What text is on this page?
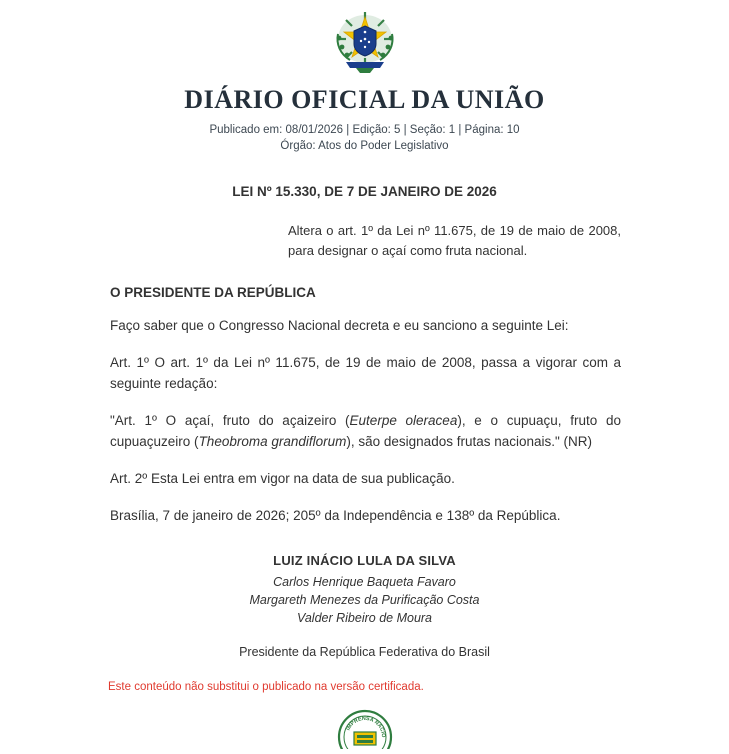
DIÁRIO OFICIAL DA UNIÃO
Publicado em: 08/01/2026 | Edição: 5 | Seção: 1 | Página: 10
Órgão: Atos do Poder Legislativo
LEI Nº 15.330, DE 7 DE JANEIRO DE 2026
Altera o art. 1º da Lei nº 11.675, de 19 de maio de 2008, para designar o açaí como fruta nacional.
O PRESIDENTE DA REPÚBLICA

Faço saber que o Congresso Nacional decreta e eu sanciono a seguinte Lei:

Art. 1º O art. 1º da Lei nº 11.675, de 19 de maio de 2008, passa a vigorar com a seguinte redação:

"Art. 1º O açaí, fruto do açaizeiro (Euterpe oleracea), e o cupuaçu, fruto do cupuaçuzeiro (Theobroma grandiflorum), são designados frutas nacionais." (NR)

Art. 2º Esta Lei entra em vigor na data de sua publicação.

Brasília, 7 de janeiro de 2026; 205º da Independência e 138º da República.

LUIZ INÁCIO LULA DA SILVA
Carlos Henrique Baqueta Favaro
Margareth Menezes da Purificação Costa
Valder Ribeiro de Moura
Presidente da República Federativa do Brasil
Este conteúdo não substitui o publicado na versão certificada.
IMPRENSA NACIO
